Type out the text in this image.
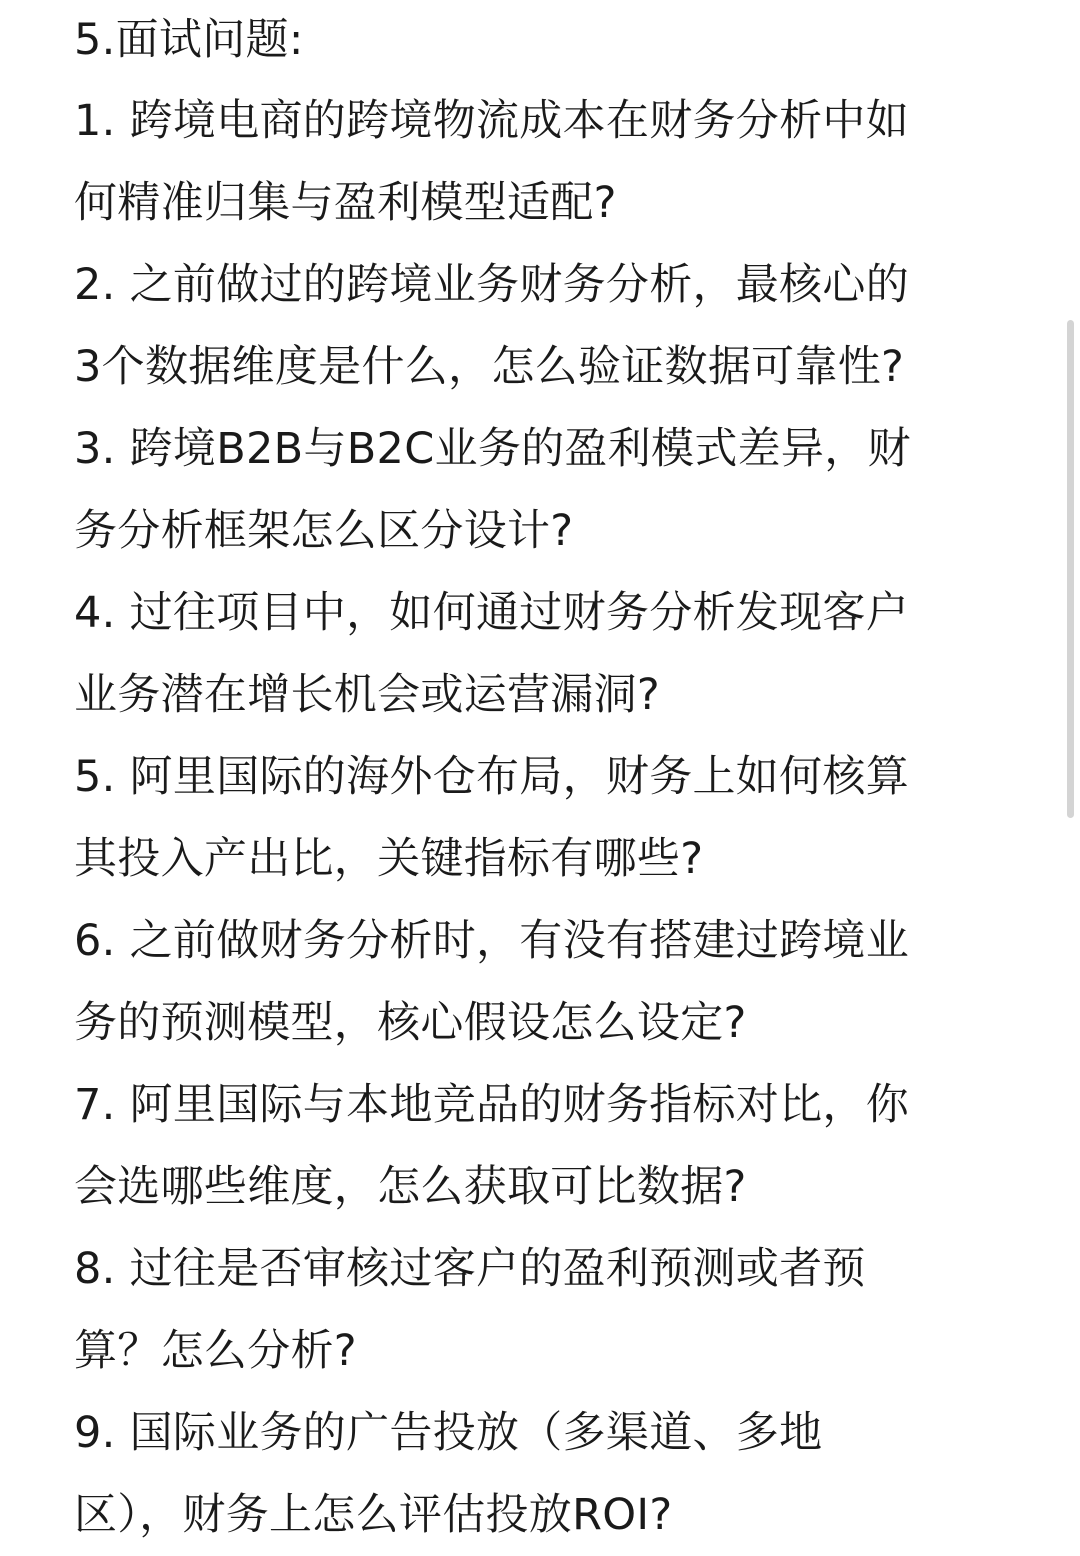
5.面试问题:
1. 跨境电商的跨境物流成本在财务分析中如
何精准归集与盈利模型适配?
2. 之前做过的跨境业务财务分析，最核心的
3个数据维度是什么，怎么验证数据可靠性?
3. 跨境B2B与B2C业务的盈利模式差异，财
务分析框架怎么区分设计?
4. 过往项目中，如何通过财务分析发现客户
业务潜在增长机会或运营漏洞?
5. 阿里国际的海外仓布局，财务上如何核算
其投入产出比，关键指标有哪些?
6. 之前做财务分析时，有没有搭建过跨境业
务的预测模型，核心假设怎么设定?
7. 阿里国际与本地竞品的财务指标对比，你
会选哪些维度，怎么获取可比数据?
8. 过往是否审核过客户的盈利预测或者预
算？怎么分析?
9. 国际业务的广告投放（多渠道、多地
区），财务上怎么评估投放ROI?
